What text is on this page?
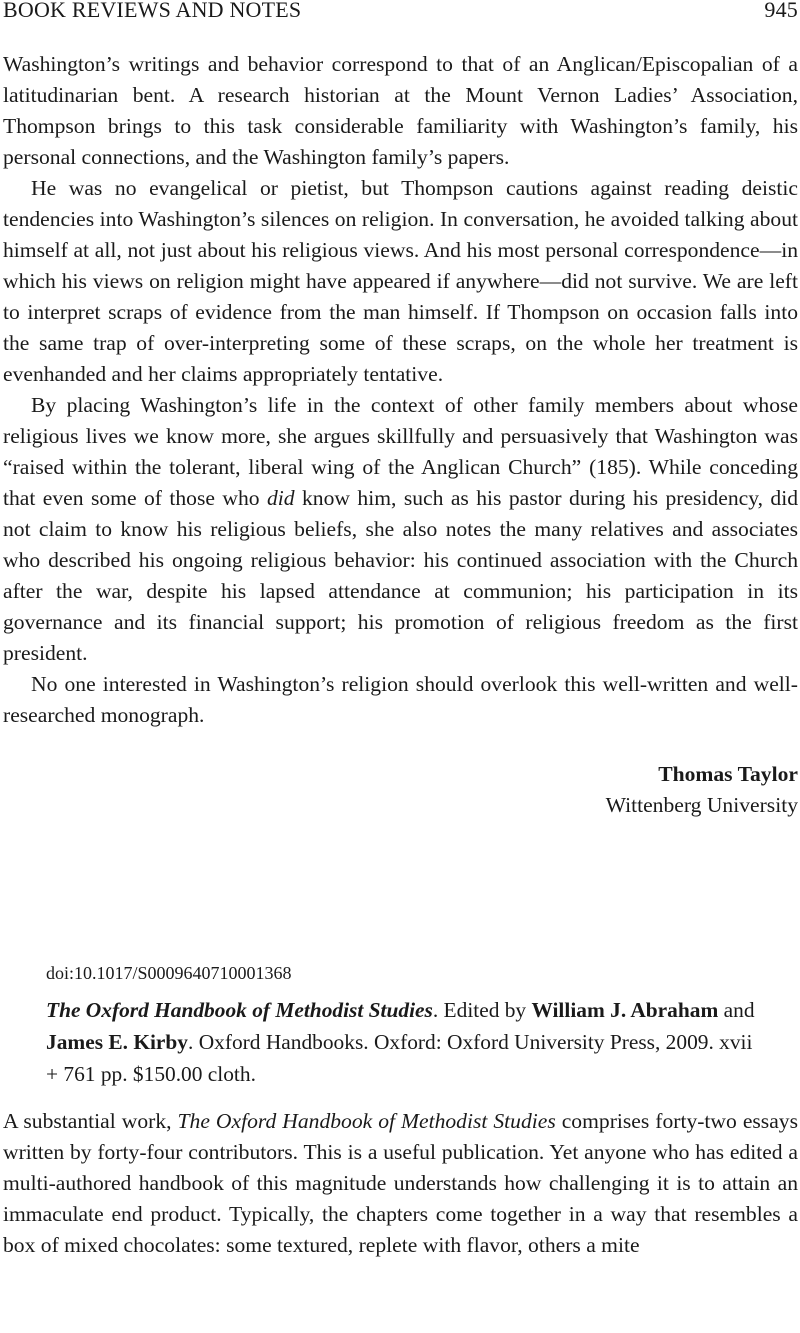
BOOK REVIEWS AND NOTES	945

Washington’s writings and behavior correspond to that of an Anglican/Episcopalian of a latitudinarian bent. A research historian at the Mount Vernon Ladies’ Association, Thompson brings to this task considerable familiarity with Washington’s family, his personal connections, and the Washington family’s papers.

He was no evangelical or pietist, but Thompson cautions against reading deistic tendencies into Washington’s silences on religion. In conversation, he avoided talking about himself at all, not just about his religious views. And his most personal correspondence—in which his views on religion might have appeared if anywhere—did not survive. We are left to interpret scraps of evidence from the man himself. If Thompson on occasion falls into the same trap of over-interpreting some of these scraps, on the whole her treatment is evenhanded and her claims appropriately tentative.

By placing Washington’s life in the context of other family members about whose religious lives we know more, she argues skillfully and persuasively that Washington was “raised within the tolerant, liberal wing of the Anglican Church” (185). While conceding that even some of those who did know him, such as his pastor during his presidency, did not claim to know his religious beliefs, she also notes the many relatives and associates who described his ongoing religious behavior: his continued association with the Church after the war, despite his lapsed attendance at communion; his participation in its governance and its financial support; his promotion of religious freedom as the first president.

No one interested in Washington’s religion should overlook this well-written and well-researched monograph.

Thomas Taylor
Wittenberg University
doi:10.1017/S0009640710001368
The Oxford Handbook of Methodist Studies. Edited by William J. Abraham and James E. Kirby. Oxford Handbooks. Oxford: Oxford University Press, 2009. xvii + 761 pp. $150.00 cloth.

A substantial work, The Oxford Handbook of Methodist Studies comprises forty-two essays written by forty-four contributors. This is a useful publication. Yet anyone who has edited a multi-authored handbook of this magnitude understands how challenging it is to attain an immaculate end product. Typically, the chapters come together in a way that resembles a box of mixed chocolates: some textured, replete with flavor, others a mite
